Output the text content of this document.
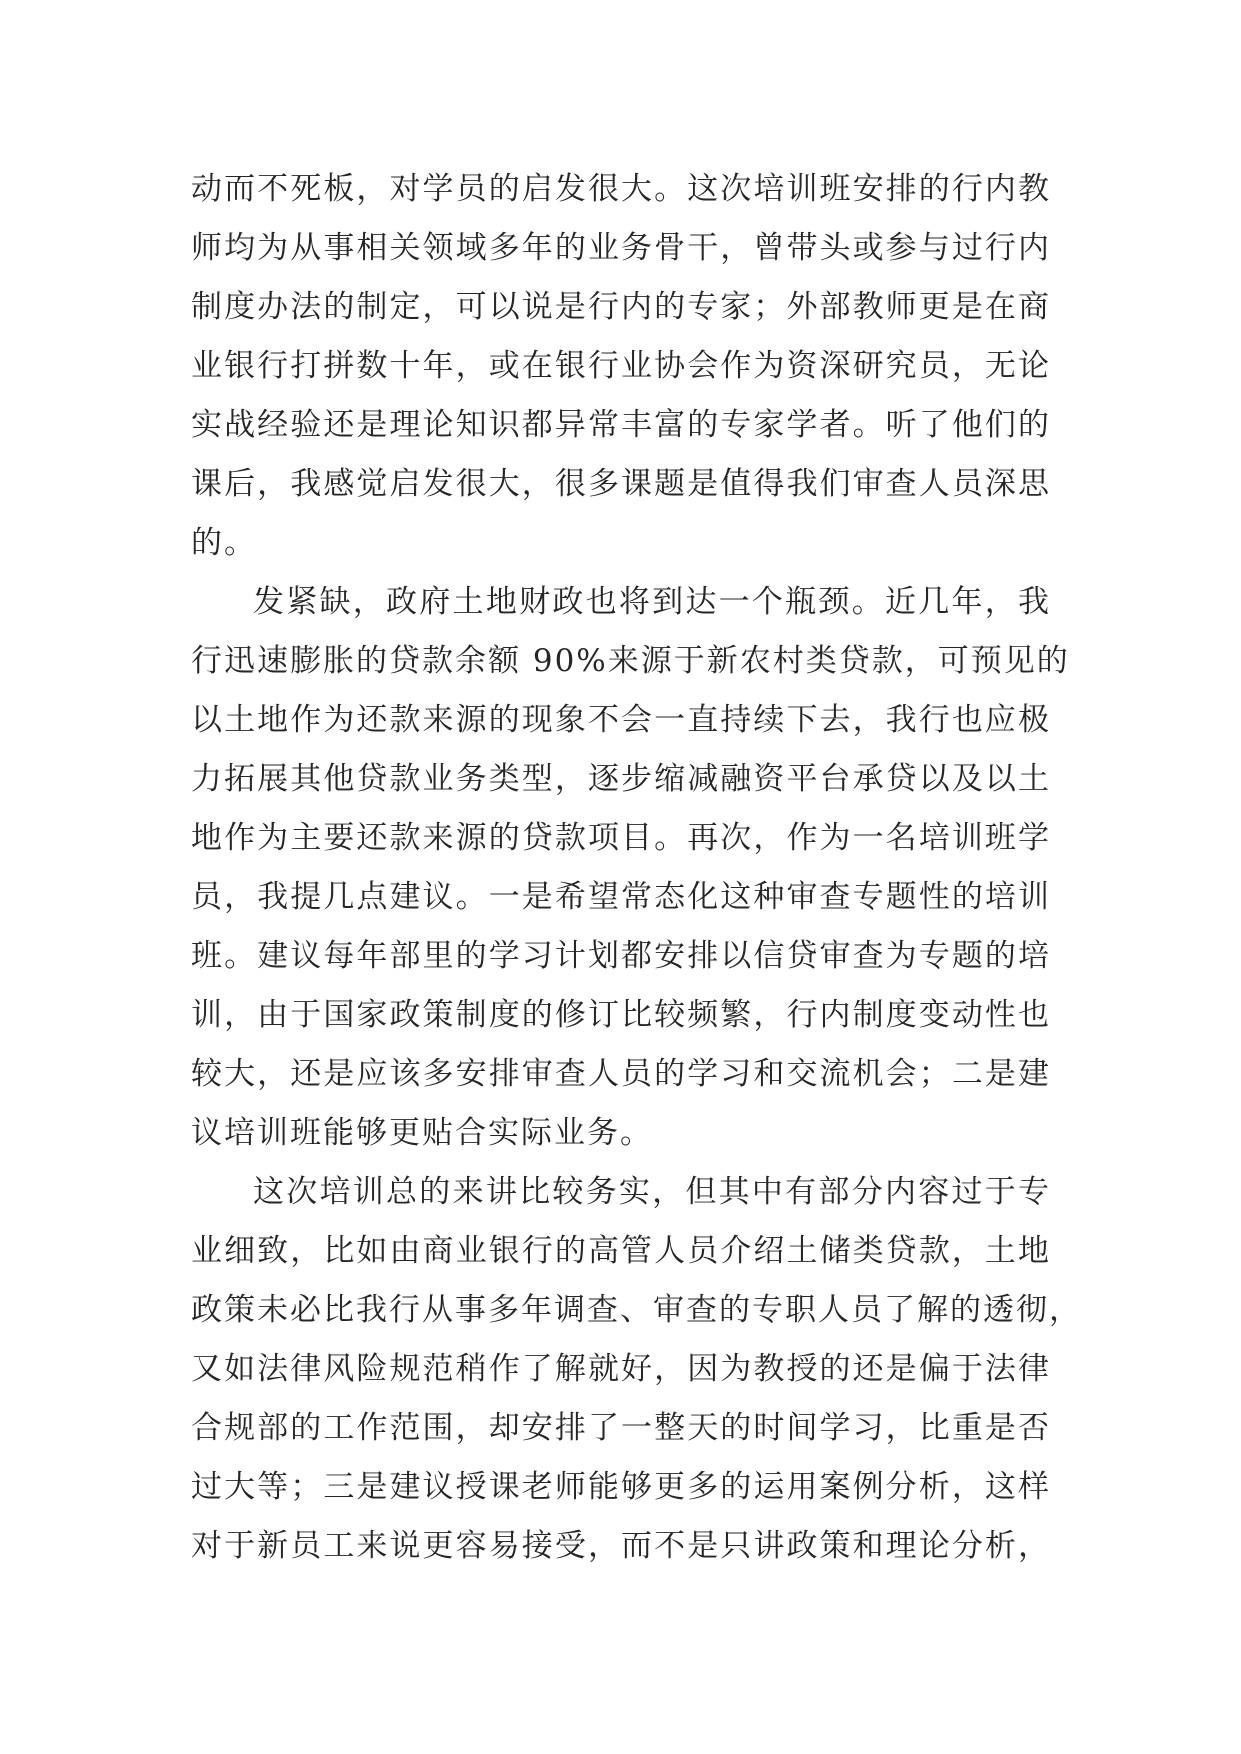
动而不死板，对学员的启发很大。这次培训班安排的行内教
师均为从事相关领域多年的业务骨干，曾带头或参与过行内
制度办法的制定，可以说是行内的专家；外部教师更是在商
业银行打拼数十年，或在银行业协会作为资深研究员，无论
实战经验还是理论知识都异常丰富的专家学者。听了他们的
课后，我感觉启发很大，很多课题是值得我们审查人员深思
的。
发紧缺，政府土地财政也将到达一个瓶颈。近几年，我
行迅速膨胀的贷款余额 90%来源于新农村类贷款，可预见的
以土地作为还款来源的现象不会一直持续下去，我行也应极
力拓展其他贷款业务类型，逐步缩减融资平台承贷以及以土
地作为主要还款来源的贷款项目。再次，作为一名培训班学
员，我提几点建议。一是希望常态化这种审查专题性的培训
班。建议每年部里的学习计划都安排以信贷审查为专题的培
训，由于国家政策制度的修订比较频繁，行内制度变动性也
较大，还是应该多安排审查人员的学习和交流机会；二是建
议培训班能够更贴合实际业务。
这次培训总的来讲比较务实，但其中有部分内容过于专
业细致，比如由商业银行的高管人员介绍土储类贷款，土地
政策未必比我行从事多年调查、审查的专职人员了解的透彻，
又如法律风险规范稍作了解就好，因为教授的还是偏于法律
合规部的工作范围，却安排了一整天的时间学习，比重是否
过大等；三是建议授课老师能够更多的运用案例分析，这样
对于新员工来说更容易接受，而不是只讲政策和理论分析，
